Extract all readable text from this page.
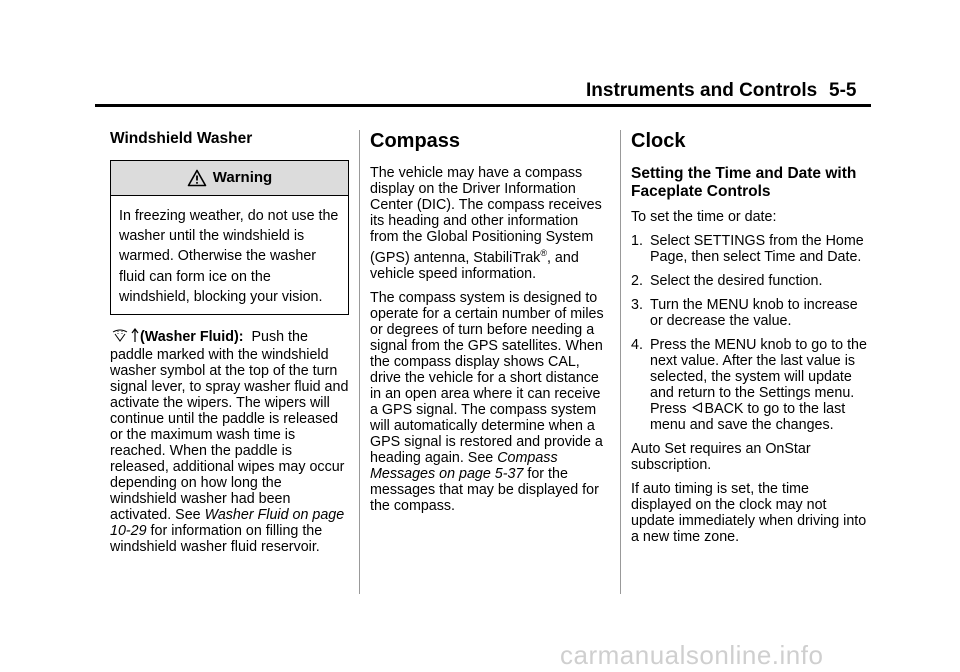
Instruments and Controls 5-5
Windshield Washer
Warning
In freezing weather, do not use the washer until the windshield is warmed. Otherwise the washer fluid can form ice on the windshield, blocking your vision.

(Washer Fluid): Push the paddle marked with the windshield washer symbol at the top of the turn signal lever, to spray washer fluid and activate the wipers. The wipers will continue until the paddle is released or the maximum wash time is reached. When the paddle is released, additional wipes may occur depending on how long the windshield washer had been activated. See Washer Fluid on page 10-29 for information on filling the windshield washer fluid reservoir.

Compass

The vehicle may have a compass display on the Driver Information Center (DIC). The compass receives its heading and other information from the Global Positioning System (GPS) antenna, StabiliTrak®, and vehicle speed information.

The compass system is designed to operate for a certain number of miles or degrees of turn before needing a signal from the GPS satellites. When the compass display shows CAL, drive the vehicle for a short distance in an open area where it can receive a GPS signal. The compass system will automatically determine when a GPS signal is restored and provide a heading again. See Compass Messages on page 5-37 for the messages that may be displayed for the compass.

Clock
Setting the Time and Date with Faceplate Controls

To set the time or date:

1. Select SETTINGS from the Home Page, then select Time and Date.
2. Select the desired function.
3. Turn the MENU knob to increase or decrease the value.
4. Press the MENU knob to go to the next value. After the last value is selected, the system will update and return to the Settings menu. Press BACK to go to the last menu and save the changes.

Auto Set requires an OnStar subscription.

If auto timing is set, the time displayed on the clock may not update immediately when driving into a new time zone.

carmanualsonline.info
